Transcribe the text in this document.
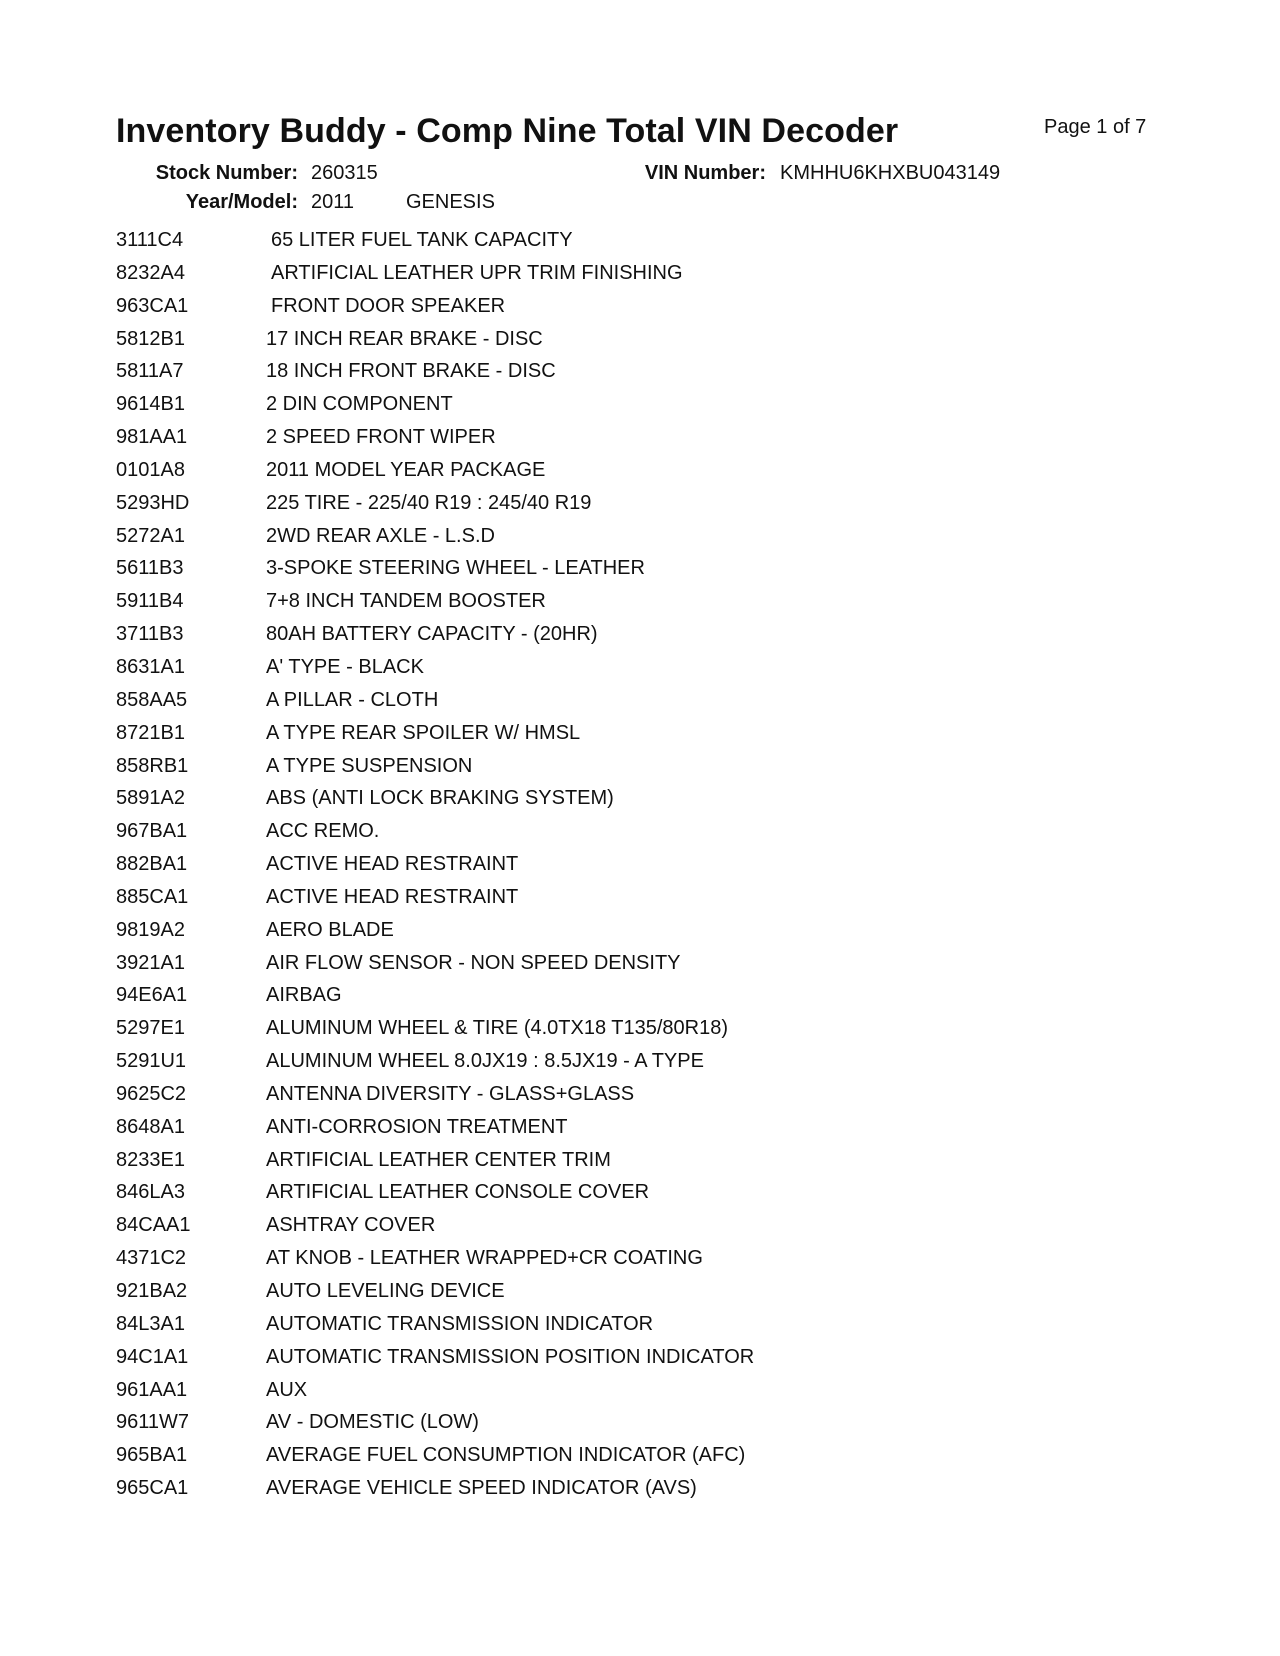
Inventory Buddy - Comp Nine Total VIN Decoder	Page 1 of 7
Stock Number: 260315	VIN Number: KMHHU6KHXBU043149
Year/Model: 2011	GENESIS
3111C4	65 LITER FUEL TANK CAPACITY
8232A4	ARTIFICIAL LEATHER UPR TRIM FINISHING
963CA1	FRONT DOOR SPEAKER
5812B1	17 INCH REAR BRAKE - DISC
5811A7	18 INCH FRONT BRAKE - DISC
9614B1	2 DIN COMPONENT
981AA1	2 SPEED FRONT WIPER
0101A8	2011 MODEL YEAR PACKAGE
5293HD	225 TIRE - 225/40 R19 : 245/40 R19
5272A1	2WD REAR AXLE - L.S.D
5611B3	3-SPOKE STEERING WHEEL - LEATHER
5911B4	7+8 INCH TANDEM BOOSTER
3711B3	80AH BATTERY CAPACITY - (20HR)
8631A1	A' TYPE - BLACK
858AA5	A PILLAR - CLOTH
8721B1	A TYPE REAR SPOILER W/ HMSL
858RB1	A TYPE SUSPENSION
5891A2	ABS (ANTI LOCK BRAKING SYSTEM)
967BA1	ACC REMO.
882BA1	ACTIVE HEAD RESTRAINT
885CA1	ACTIVE HEAD RESTRAINT
9819A2	AERO BLADE
3921A1	AIR FLOW SENSOR - NON SPEED DENSITY
94E6A1	AIRBAG
5297E1	ALUMINUM WHEEL & TIRE (4.0TX18 T135/80R18)
5291U1	ALUMINUM WHEEL 8.0JX19 : 8.5JX19 - A TYPE
9625C2	ANTENNA DIVERSITY - GLASS+GLASS
8648A1	ANTI-CORROSION TREATMENT
8233E1	ARTIFICIAL LEATHER CENTER TRIM
846LA3	ARTIFICIAL LEATHER CONSOLE COVER
84CAA1	ASHTRAY COVER
4371C2	AT KNOB - LEATHER WRAPPED+CR COATING
921BA2	AUTO LEVELING DEVICE
84L3A1	AUTOMATIC TRANSMISSION INDICATOR
94C1A1	AUTOMATIC TRANSMISSION POSITION INDICATOR
961AA1	AUX
9611W7	AV - DOMESTIC (LOW)
965BA1	AVERAGE FUEL CONSUMPTION INDICATOR (AFC)
965CA1	AVERAGE VEHICLE SPEED INDICATOR (AVS)
